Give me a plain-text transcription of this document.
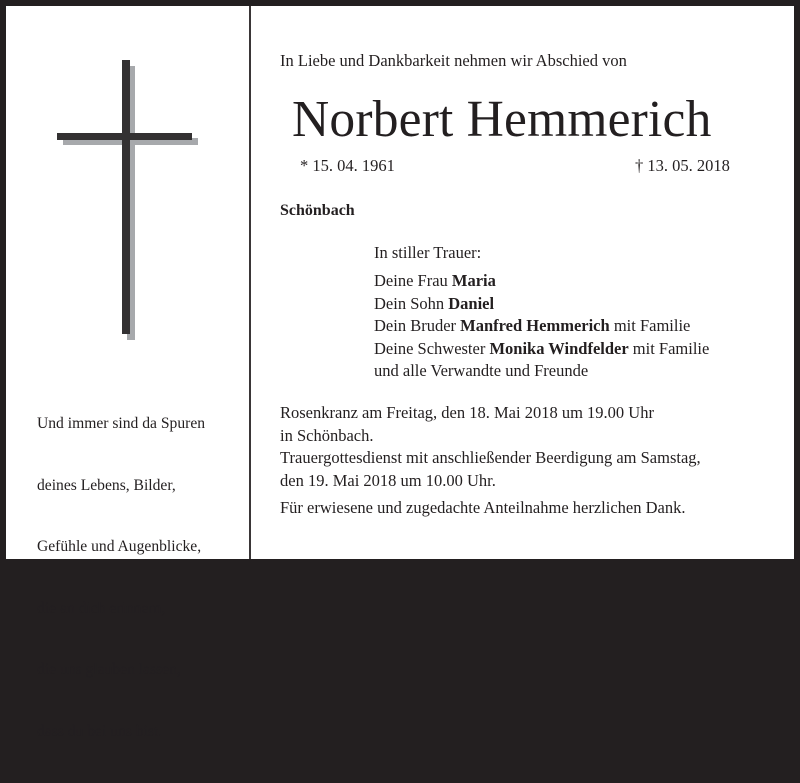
Und immer sind da Spuren

deines Lebens, Bilder,

Gefühle und Augenblicke,

die an dich erinnern,

die uns glauben lassen,

dass du bei uns bist.

In Liebe und Dankbarkeit nehmen wir Abschied von
Norbert Hemmerich
* 15. 04. 1961	† 13. 05. 2018
Schönbach
In stiller Trauer:
Deine Frau Maria
Dein Sohn Daniel
Dein Bruder Manfred Hemmerich mit Familie
Deine Schwester Monika Windfelder mit Familie
und alle Verwandte und Freunde
Rosenkranz am Freitag, den 18. Mai 2018 um 19.00 Uhr
in Schönbach.
Trauergottesdienst mit anschließender Beerdigung am Samstag,
den 19. Mai 2018 um 10.00 Uhr.
Für erwiesene und zugedachte Anteilnahme herzlichen Dank.
